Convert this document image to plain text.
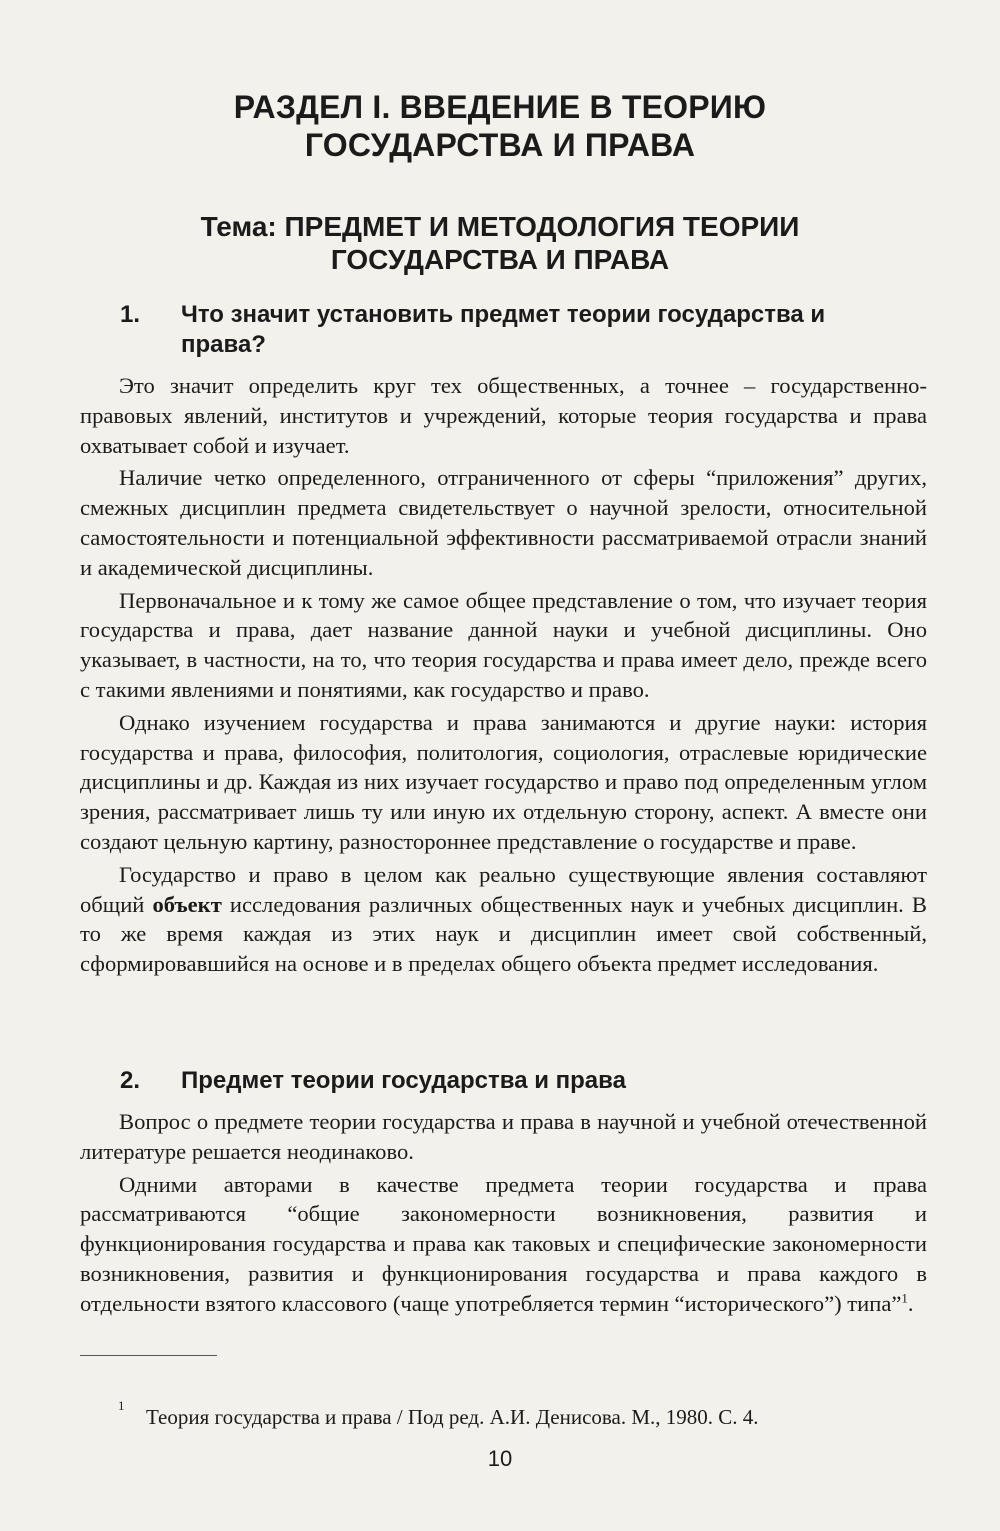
РАЗДЕЛ I. ВВЕДЕНИЕ В ТЕОРИЮ
ГОСУДАРСТВА И ПРАВА
Тема: ПРЕДМЕТ И МЕТОДОЛОГИЯ ТЕОРИИ
ГОСУДАРСТВА И ПРАВА
1. Что значит установить предмет теории государства и права?

Это значит определить круг тех общественных, а точнее – государственно-правовых явлений, институтов и учреждений, которые теория государства и права охватывает собой и изучает.

Наличие четко определенного, отграниченного от сферы “приложения” других, смежных дисциплин предмета свидетельствует о научной зрелости, относительной самостоятельности и потенциальной эффективности рассматриваемой отрасли знаний и академической дисциплины.

Первоначальное и к тому же самое общее представление о том, что изучает теория государства и права, дает название данной науки и учебной дисциплины. Оно указывает, в частности, на то, что теория государства и права имеет дело, прежде всего с такими явлениями и понятиями, как государство и право.

Однако изучением государства и права занимаются и другие науки: история государства и права, философия, политология, социология, отраслевые юридические дисциплины и др. Каждая из них изучает государство и право под определенным углом зрения, рассматривает лишь ту или иную их отдельную сторону, аспект. А вместе они создают цельную картину, разностороннее представление о государстве и праве.

Государство и право в целом как реально существующие явления составляют общий объект исследования различных общественных наук и учебных дисциплин. В то же время каждая из этих наук и дисциплин имеет свой собственный, сформировавшийся на основе и в пределах общего объекта предмет исследования.

2. Предмет теории государства и права

Вопрос о предмете теории государства и права в научной и учебной отечественной литературе решается неодинаково.

Одними авторами в качестве предмета теории государства и права рассматриваются “общие закономерности возникновения, развития и функционирования государства и права как таковых и специфические закономерности возникновения, развития и функционирования государства и права каждого в отдельности взятого классового (чаще употребляется термин “исторического”) типа”$^1$.

1 Теория государства и права / Под ред. А.И. Денисова. М., 1980. С. 4.
10
